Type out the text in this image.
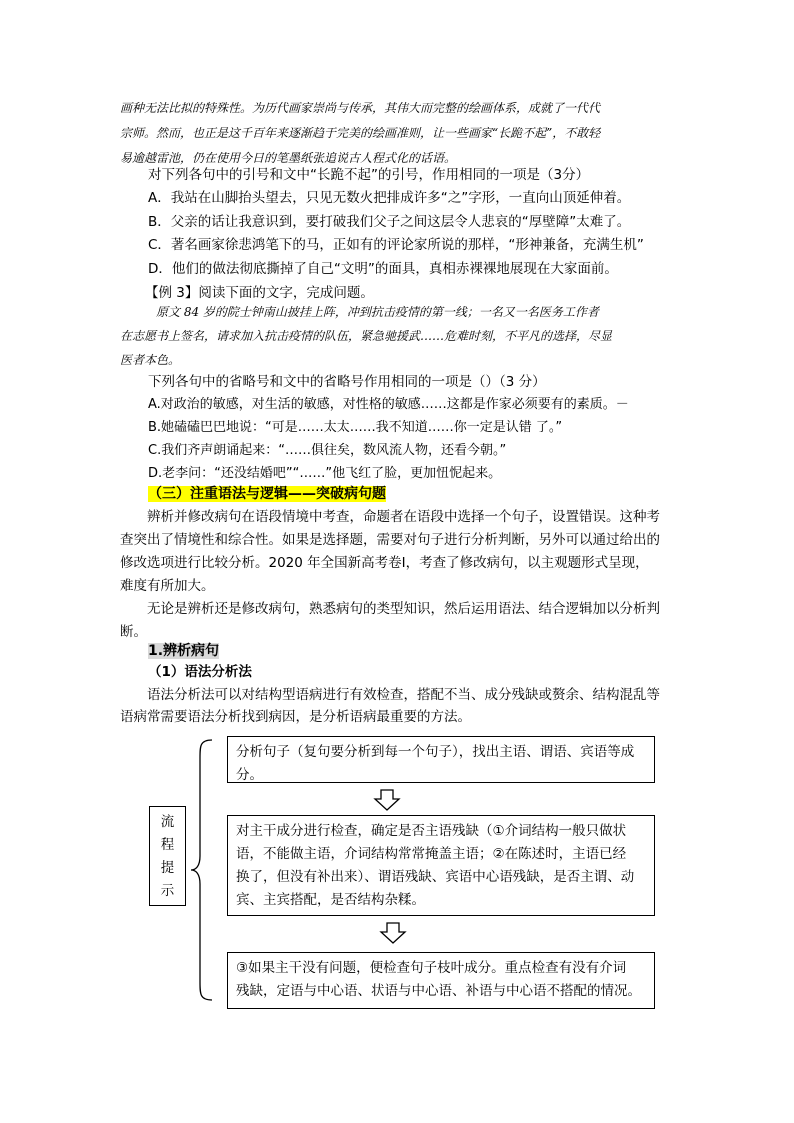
画种无法比拟的特殊性。为历代画家崇尚与传承，其伟大而完整的绘画体系，成就了一代代
宗师。然而，也正是这千百年来逐渐趋于完美的绘画准则，让一些画家“长跪不起”，不敢轻
易逾越雷池，仍在使用今日的笔墨纸张追说古人程式化的话语。
对下列各句中的引号和文中“长跪不起”的引号，作用相同的一项是（3分）
A．我站在山脚抬头望去，只见无数火把排成许多“之”字形，一直向山顶延伸着。
B．父亲的话让我意识到，要打破我们父子之间这层令人悲哀的“厚壁障”太难了。
C．著名画家徐悲鸿笔下的马，正如有的评论家所说的那样，“形神兼备，充满生机”
D．他们的做法彻底撕掉了自己“文明”的面具，真相赤裸裸地展现在大家面前。
【例 3】阅读下面的文字，完成问题。
原文 84 岁的院士钟南山披挂上阵，冲到抗击疫情的第一线；一名又一名医务工作者
在志愿书上签名，请求加入抗击疫情的队伍，紧急驰援武……危难时刻，不平凡的选择，尽显
医者本色。
下列各句中的省略号和文中的省略号作用相同的一项是（）（3 分）
A.对政治的敏感，对生活的敏感，对性格的敏感……这都是作家必须要有的素质。－
B.她磕磕巴巴地说：“可是……太太……我不知道……你一定是认错 了。”
C.我们齐声朗诵起来：“……俱往矣，数风流人物，还看今朝。”
D.老李问：“还没结婚吧”“……”他飞红了脸，更加忸怩起来。
（三）注重语法与逻辑——突破病句题
辨析并修改病句在语段情境中考查，命题者在语段中选择一个句子，设置错误。这种考
查突出了情境性和综合性。如果是选择题，需要对句子进行分析判断，另外可以通过给出的
修改选项进行比较分析。2020 年全国新高考卷Ⅰ，考查了修改病句，以主观题形式呈现，
难度有所加大。
无论是辨析还是修改病句，熟悉病句的类型知识，然后运用语法、结合逻辑加以分析判
断。
1.辨析病句
（1）语法分析法
语法分析法可以对结构型语病进行有效检查，搭配不当、成分残缺或赘余、结构混乱等
语病常需要语法分析找到病因，是分析语病最重要的方法。
流
程
提
示
分析句子（复句要分析到每一个句子），找出主语、谓语、宾语等成
分。
对主干成分进行检查，确定是否主语残缺（①介词结构一般只做状
语，不能做主语，介词结构常常掩盖主语；②在陈述时，主语已经
换了，但没有补出来）、谓语残缺、宾语中心语残缺，是否主谓、动
宾、主宾搭配，是否结构杂糅。
③如果主干没有问题，便检查句子枝叶成分。重点检查有没有介词
残缺，定语与中心语、状语与中心语、补语与中心语不搭配的情况。
